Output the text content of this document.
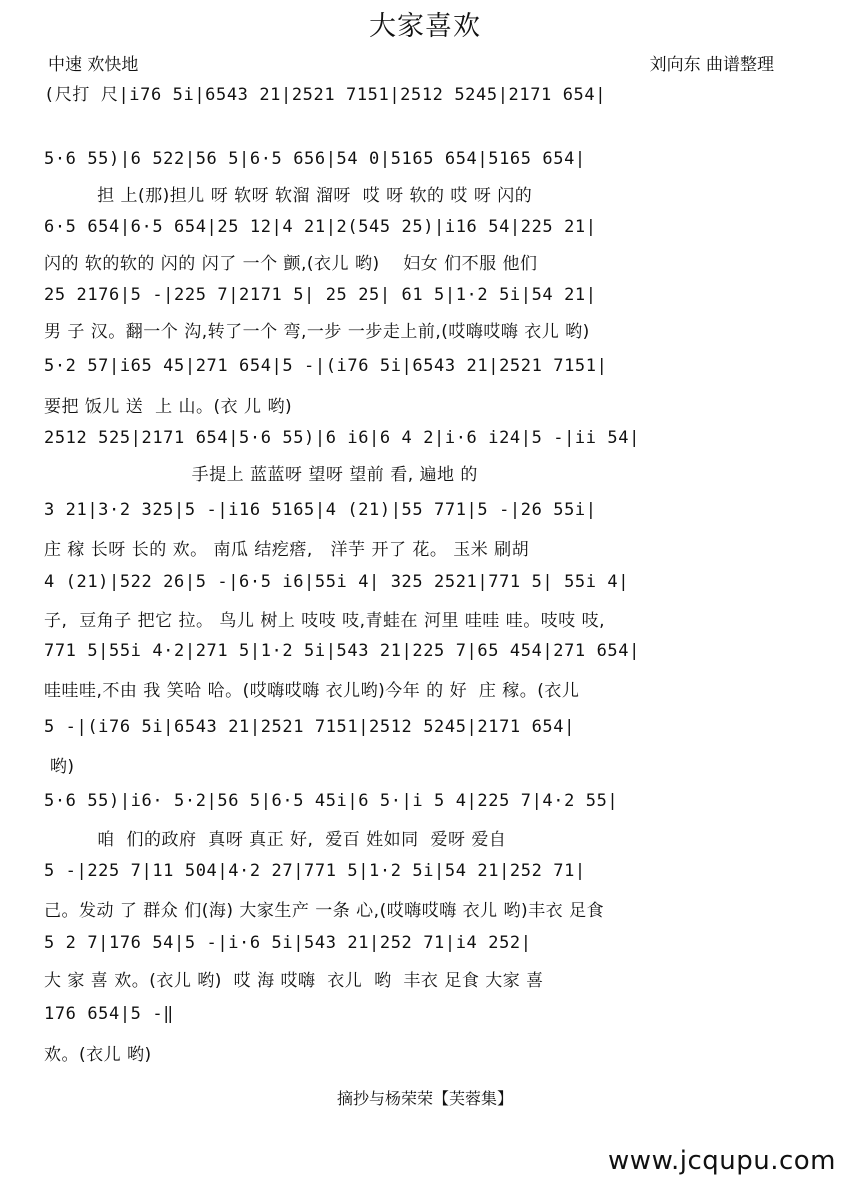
大家喜欢
中速 欢快地	刘向东 曲谱整理
(尺打 尺|i76 5i|6543 21|2521 7151|2512 5245|2171 654|
5·6 55)|6 522|56 5|6·5 656|54 0|5165 654|5165 654|
担 上(那)担儿 呀 软呀 软溜 溜呀  哎 呀 软的 哎 呀 闪的
6·5 654|6·5 654|25 12|4 21|2(545 25)|i16 54|225 21|
闪的 软的软的 闪的 闪了 一个 颤,(衣儿 哟)    妇女 们不服 他们
25 2176|5 -|225 7|2171 5| 25 25| 61 5|1·2 5i|54 21|
男 子 汉。翻一个 沟,转了一个 弯,一步 一步走上前,(哎嗨哎嗨 衣儿 哟)
5·2 57|i65 45|271 654|5 -|(i76 5i|6543 21|2521 7151|
要把 饭儿 送  上 山。(衣 儿 哟)
2512 525|2171 654|5·6 55)|6 i6|6 4 2|i·6 i24|5 -|ii 54|
手提上 蓝蓝呀 望呀 望前 看, 遍地 的
3 21|3·2 325|5 -|i16 5165|4 (21)|55 771|5 -|26 55i|
庄 稼 长呀 长的 欢。 南瓜 结疙瘩,   洋芋 开了 花。 玉米 刷胡
4 (21)|522 26|5 -|6·5 i6|55i 4| 325 2521|771 5| 55i 4|
子,  豆角子 把它 拉。 鸟儿 树上 吱吱 吱,青蛙在 河里 哇哇 哇。吱吱 吱,
771 5|55i 4·2|271 5|1·2 5i|543 21|225 7|65 454|271 654|
哇哇哇,不由 我 笑哈 哈。(哎嗨哎嗨 衣儿哟)今年 的 好  庄 稼。(衣儿
5 -|(i76 5i|6543 21|2521 7151|2512 5245|2171 654|
哟)
5·6 55)|i6· 5·2|56 5|6·5 45i|6 5·|i 5 4|225 7|4·2 55|
咱  们的政府  真呀 真正 好,  爱百 姓如同  爱呀 爱自
5 -|225 7|11 504|4·2 27|771 5|1·2 5i|54 21|252 71|
己。发动 了 群众 们(海) 大家生产 一条 心,(哎嗨哎嗨 衣儿 哟)丰衣 足食
5 2 7|176 54|5 -|i·6 5i|543 21|252 71|i4 252|
大 家 喜 欢。(衣儿 哟)  哎 海 哎嗨  衣儿  哟  丰衣 足食 大家 喜
176 654|5 -‖
欢。(衣儿 哟)
摘抄与杨荣荣【芙蓉集】
www.jcqupu.com
